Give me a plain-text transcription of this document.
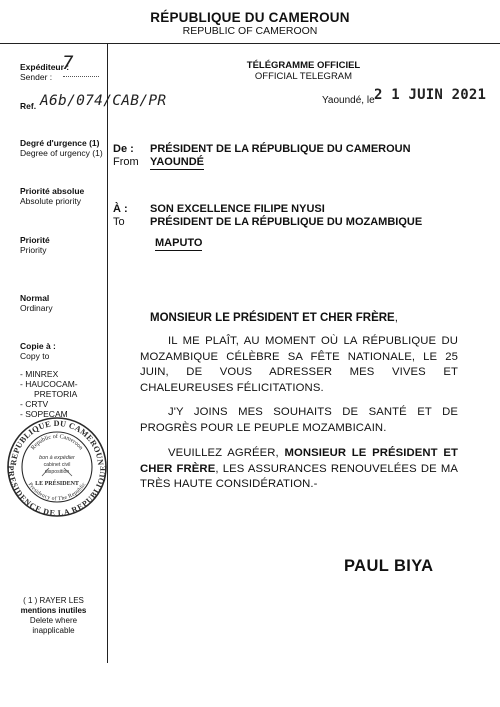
RÉPUBLIQUE DU CAMEROUN
REPUBLIC OF CAMEROON
Expéditeur :
Sender :
7
Ref. A6b/074/CAB/PR
Degré d'urgence (1)
Degree of urgency (1)
Priorité absolue
Absolute priority
Priorité
Priority
Normal
Ordinary
Copie à :
Copy to
- MINREX
- HAUCOCAM-
PRETORIA
- CRTV
- SOPECAM
REPUBLIQUE DU CAMEROUN
PRESIDENCE DE LA REPUBLIQUE
Republic of Cameroon
Presidency of The Republic
bon à expédier
cabinet civil
disposition
LE PRÉSIDENT
( 1 ) RAYER LES
mentions inutiles
Delete where
inapplicable
TÉLÉGRAMME OFFICIEL
OFFICIAL TELEGRAM
Yaoundé, le 2 1 JUIN 2021
De :
From
PRÉSIDENT DE LA RÉPUBLIQUE DU CAMEROUN
YAOUNDÉ
À :
To
SON EXCELLENCE FILIPE NYUSI
PRÉSIDENT DE LA RÉPUBLIQUE DU MOZAMBIQUE
MAPUTO
MONSIEUR LE PRÉSIDENT ET CHER FRÈRE,
IL ME PLAÎT, AU MOMENT OÙ LA RÉPUBLIQUE DU MOZAMBIQUE CÉLÈBRE SA FÊTE NATIONALE, LE 25 JUIN, DE VOUS ADRESSER MES VIVES ET CHALEUREUSES FÉLICITATIONS.
J'Y JOINS MES SOUHAITS DE SANTÉ ET DE PROGRÈS POUR LE PEUPLE MOZAMBICAIN.
VEUILLEZ AGRÉER, MONSIEUR LE PRÉSIDENT ET CHER FRÈRE, LES ASSURANCES RENOUVELÉES DE MA TRÈS HAUTE CONSIDÉRATION.-
PAUL BIYA
